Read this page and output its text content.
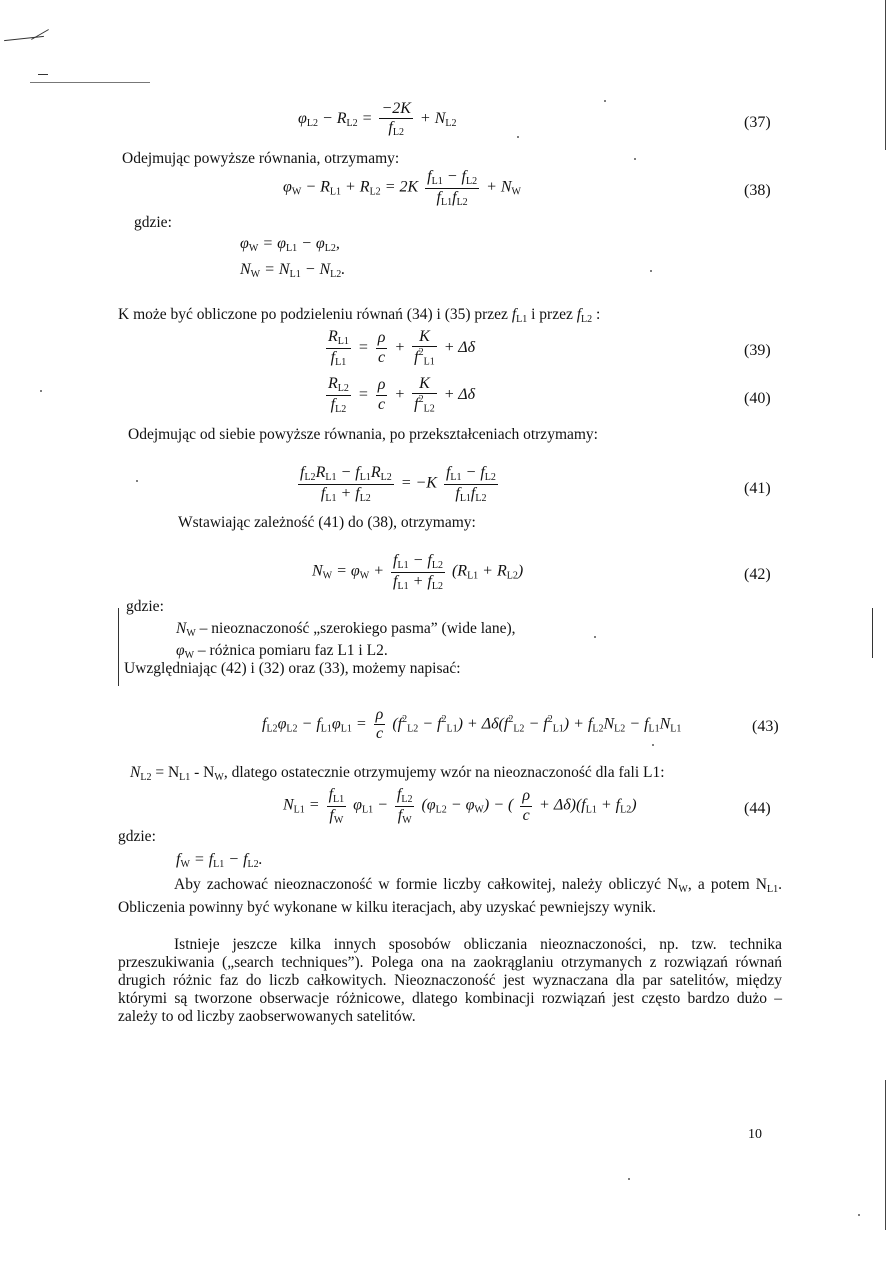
$\varphi_{L2} - R_{L2} = \frac{-2K}{f_{L2}} + N_{L2}$	(37)
Odejmując powyższe równania, otrzymamy:
$\varphi_W - R_{L1} + R_{L2} = 2K \frac{f_{L1} - f_{L2}}{f_{L1}f_{L2}} + N_W$	(38)
gdzie:
$\varphi_W = \varphi_{L1} - \varphi_{L2}$,
$N_W = N_{L1} - N_{L2}$.
K może być obliczone po podzieleniu równań (34) i (35) przez $f_{L1}$ i przez $f_{L2}$ :
$\frac{R_{L1}}{f_{L1}} = \frac{\rho}{c} + \frac{K}{f^2_{L1}} + \Delta\delta$	(39)
$\frac{R_{L2}}{f_{L2}} = \frac{\rho}{c} + \frac{K}{f^2_{L2}} + \Delta\delta$	(40)
Odejmując od siebie powyższe równania, po przekształceniach otrzymamy:
$\frac{f_{L2}R_{L1} - f_{L1}R_{L2}}{f_{L1} + f_{L2}} = -K \frac{f_{L1} - f_{L2}}{f_{L1}f_{L2}}$	(41)
Wstawiając zależność (41) do (38), otrzymamy:
$N_W = \varphi_W + \frac{f_{L1} - f_{L2}}{f_{L1} + f_{L2}} (R_{L1} + R_{L2})$	(42)
gdzie:
$N_W$ – nieoznaczoność „szerokiego pasma” (wide lane),
$\varphi_W$ – różnica pomiaru faz L1 i L2.
Uwzględniając (42) i (32) oraz (33), możemy napisać:
$f_{L2}\varphi_{L2} - f_{L1}\varphi_{L1} = \frac{\rho}{c} (f^2_{L2} - f^2_{L1}) + \Delta\delta(f^2_{L2} - f^2_{L1}) + f_{L2}N_{L2} - f_{L1}N_{L1}$	(43)
$N_{L2} = N_{L1} - N_W$, dlatego ostatecznie otrzymujemy wzór na nieoznaczoność dla fali L1:
$N_{L1} = \frac{f_{L1}}{f_W} \varphi_{L1} - \frac{f_{L2}}{f_W} (\varphi_{L2} - \varphi_W)$ − ( $\frac{\rho}{c} + \Delta\delta)(f_{L1} + f_{L2})$	(44)
gdzie:
$f_W = f_{L1} - f_{L2}$.
Aby zachować nieoznaczoność w formie liczby całkowitej, należy obliczyć $N_W$, a potem $N_{L1}$. Obliczenia powinny być wykonane w kilku iteracjach, aby uzyskać pewniejszy wynik.
Istnieje jeszcze kilka innych sposobów obliczania nieoznaczoności, np. tzw. technika przeszukiwania („search techniques”). Polega ona na zaokrąglaniu otrzymanych z rozwiązań równań drugich różnic faz do liczb całkowitych. Nieoznaczoność jest wyznaczana dla par satelitów, między którymi są tworzone obserwacje różnicowe, dlatego kombinacji rozwiązań jest często bardzo dużo – zależy to od liczby zaobserwowanych satelitów.
10
